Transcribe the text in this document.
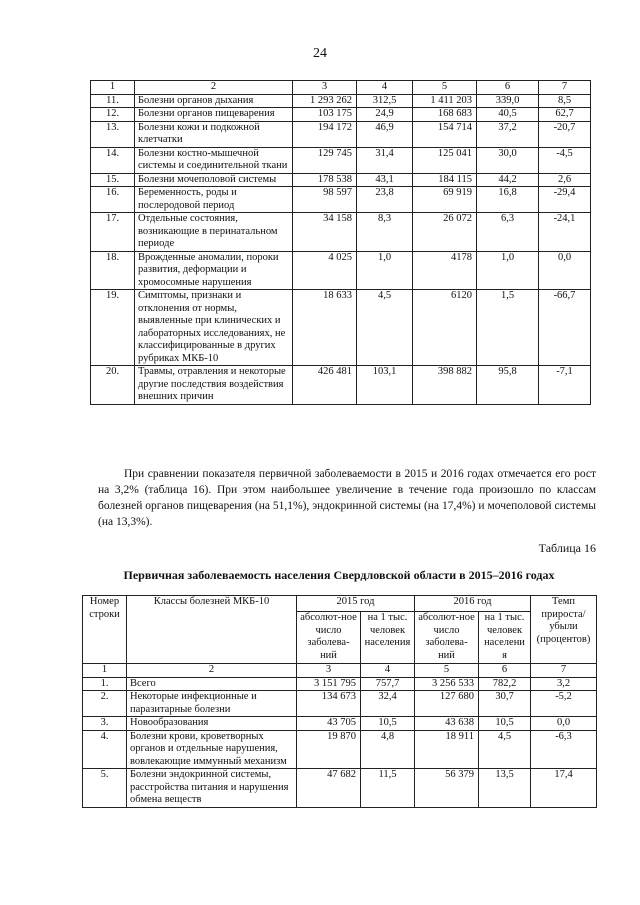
24
1	2	3	4	5	6	7
11.	Болезни органов дыхания	1 293 262	312,5	1 411 203	339,0	8,5
12.	Болезни органов пищеварения	103 175	24,9	168 683	40,5	62,7
13.	Болезни кожи и подкожной клетчатки	194 172	46,9	154 714	37,2	-20,7
14.	Болезни костно-мышечной системы и соединительной ткани	129 745	31,4	125 041	30,0	-4,5
15.	Болезни мочеполовой системы	178 538	43,1	184 115	44,2	2,6
16.	Беременность, роды и послеродовой период	98 597	23,8	69 919	16,8	-29,4
17.	Отдельные состояния, возникающие в перинатальном периоде	34 158	8,3	26 072	6,3	-24,1
18.	Врожденные аномалии, пороки развития, деформации и хромосомные нарушения	4 025	1,0	4178	1,0	0,0
19.	Симптомы, признаки и отклонения от нормы, выявленные при клинических и лабораторных исследованиях, не классифицированные в других рубриках МКБ-10	18 633	4,5	6120	1,5	-66,7
20.	Травмы, отравления и некоторые другие последствия воздействия внешних причин	426 481	103,1	398 882	95,8	-7,1

При сравнении показателя первичной заболеваемости в 2015 и 2016 годах отмечается его рост на 3,2% (таблица 16). При этом наибольшее увеличение в течение года произошло по классам болезней органов пищеварения (на 51,1%), эндокринной системы (на 17,4%) и мочеполовой системы (на 13,3%).

Таблица 16
Первичная заболеваемость населения Свердловской области в 2015–2016 годах
Номер строки	Классы болезней МКБ-10	2015 год		2016 год		Темп прироста/ убыли (процентов)
		абсолют-ное число заболева-ний	на 1 тыс. человек населения	абсолют-ное число заболева-ний	на 1 тыс. человек населения	
1	2	3	4	5	6	7
1.	Всего	3 151 795	757,7	3 256 533	782,2	3,2
2.	Некоторые инфекционные и паразитарные болезни	134 673	32,4	127 680	30,7	-5,2
3.	Новообразования	43 705	10,5	43 638	10,5	0,0
4.	Болезни крови, кроветворных органов и отдельные нарушения, вовлекающие иммунный механизм	19 870	4,8	18 911	4,5	-6,3
5.	Болезни эндокринной системы, расстройства питания и нарушения обмена веществ	47 682	11,5	56 379	13,5	17,4
